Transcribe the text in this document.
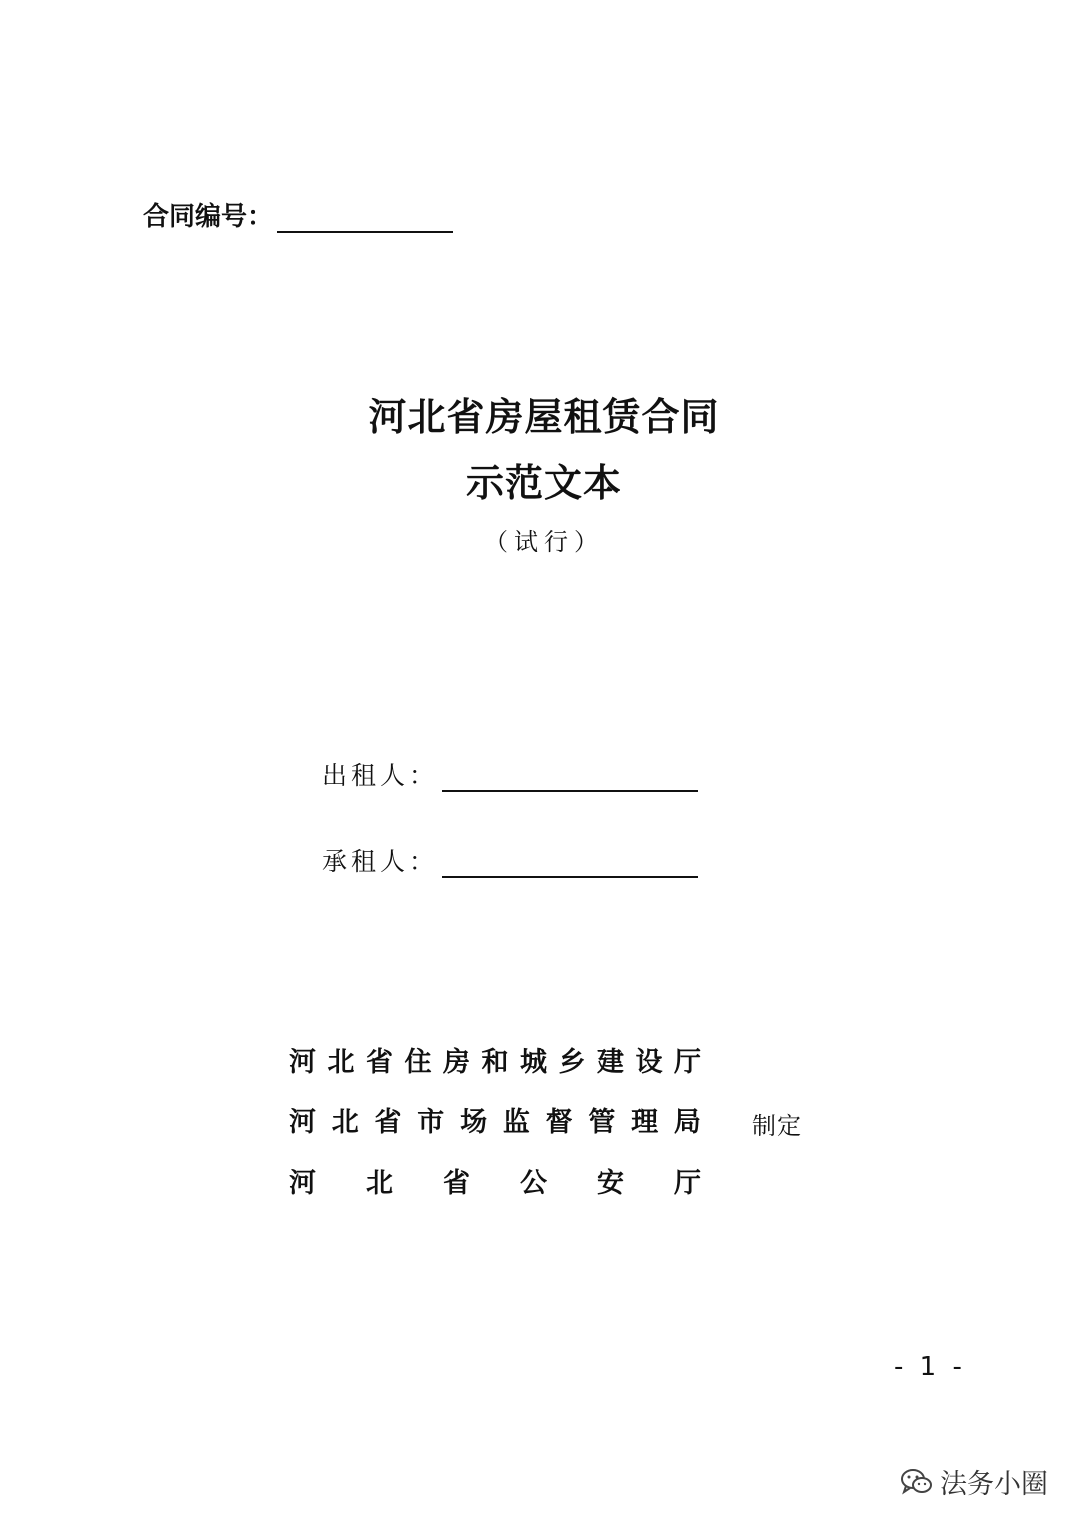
合同编号：
河北省房屋租赁合同
示范文本
（试行）
出租人：
承租人：
河 北 省 住 房 和 城 乡 建 设 厅
河 北 省 市 场 监 督 管 理 局
河 北 省 公 安 厅
制定
- 1 -
法务小圈
